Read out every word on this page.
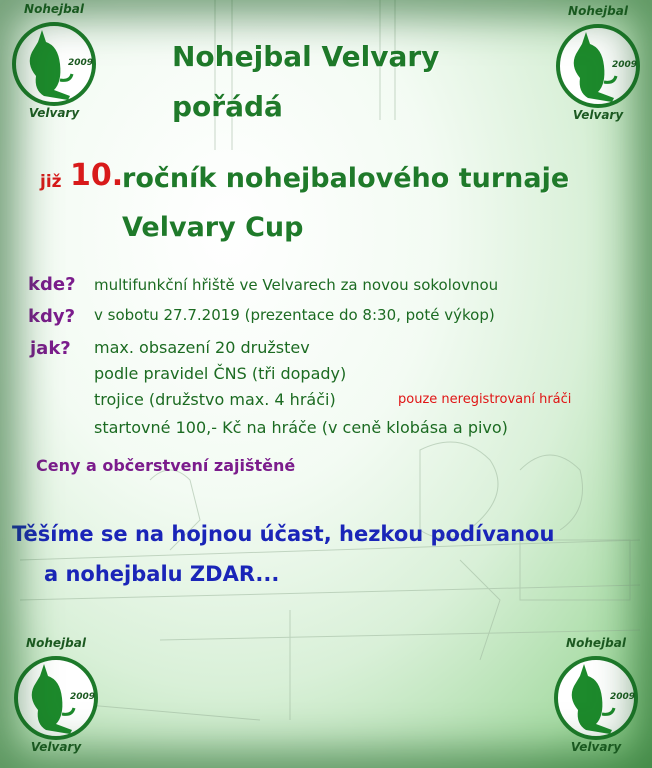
Nohejbal
2009
Velvary
Nohejbal
2009
Velvary
Nohejbal
2009
Velvary
Nohejbal
2009
Velvary
Nohejbal Velvary
pořádá
již 10.
ročník nohejbalového turnaje
Velvary Cup
kde? multifunkční hřiště ve Velvarech za novou sokolovnou
kdy? v sobotu 27.7.2019 (prezentace do 8:30, poté výkop)
jak? max. obsazení 20 družstev
podle pravidel ČNS (tři dopady)
trojice (družstvo max. 4 hráči)	pouze neregistrovaní hráči
startovné 100,- Kč na hráče (v ceně klobása a pivo)
Ceny a občerstvení zajištěné
Těšíme se na hojnou účast, hezkou podívanou
a nohejbalu ZDAR...
